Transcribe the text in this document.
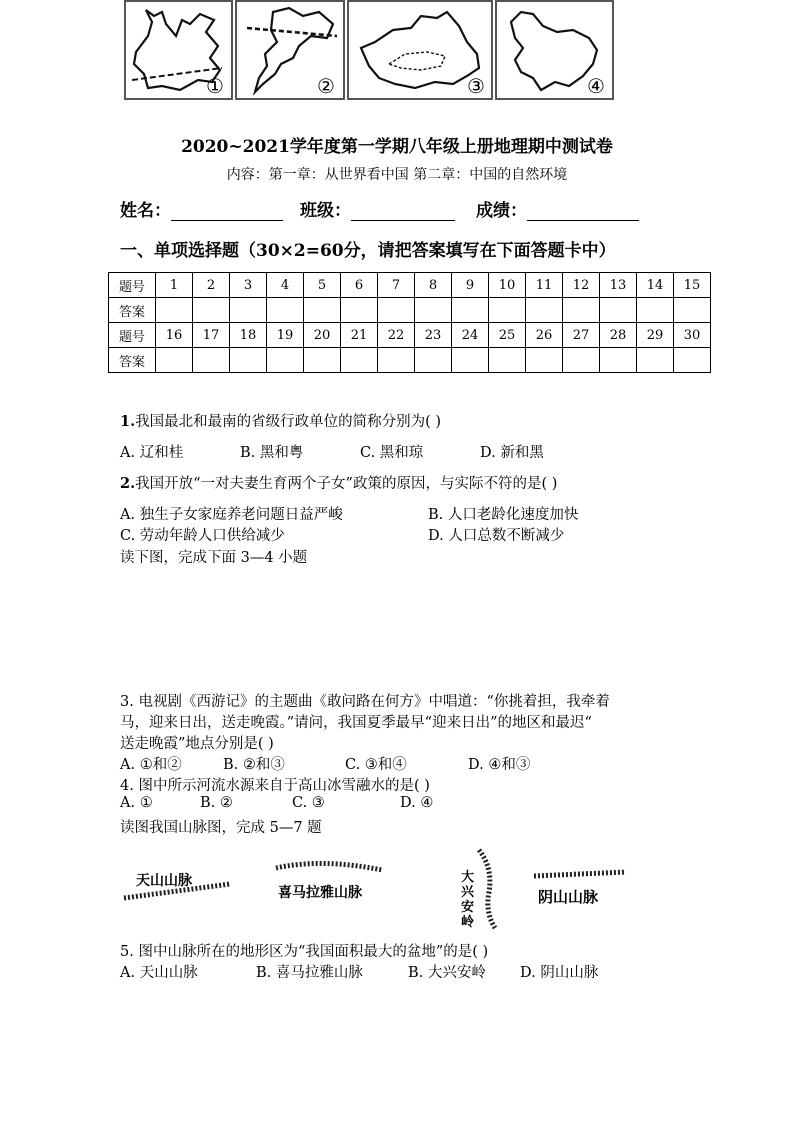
2020~2021学年度第一学期八年级上册地理期中测试卷
内容：第一章：从世界看中国 第二章：中国的自然环境
姓名：	班级：	成绩：
一、单项选择题（30×2=60分，请把答案填写在下面答题卡中）
题号	1	2	3	4	5	6	7	8	9	10	11	12	13	14	15
答案															
题号	16	17	18	19	20	21	22	23	24	25	26	27	28	29	30
答案															
1.我国最北和最南的省级行政单位的简称分别为( )
A. 辽和桂	B. 黑和粤	C. 黑和琼	D. 新和黑
2.我国开放“一对夫妻生育两个子女”政策的原因，与实际不符的是( )
A. 独生子女家庭养老问题日益严峻	B. 人口老龄化速度加快
C. 劳动年龄人口供给减少	D. 人口总数不断减少
读下图，完成下面 3—4 小题
①	②	③	④
3. 电视剧《西游记》的主题曲《敢问路在何方》中唱道：“你挑着担，我牵着
马，迎来日出，送走晚霞。”请问，我国夏季最早“迎来日出”的地区和最迟“
送走晚霞”地点分别是( )
A. ①和②	B. ②和③	C. ③和④	D. ④和③
4. 图中所示河流水源来自于高山冰雪融水的是( )
A. ①	B. ②	C. ③	D. ④
读图我国山脉图，完成 5—7 题
天山山脉
喜马拉雅山脉
大
兴
安
岭
阴山山脉
5. 图中山脉所在的地形区为“我国面积最大的盆地”的是( )
A. 天山山脉	B. 喜马拉雅山脉	B. 大兴安岭 D. 阴山山脉
